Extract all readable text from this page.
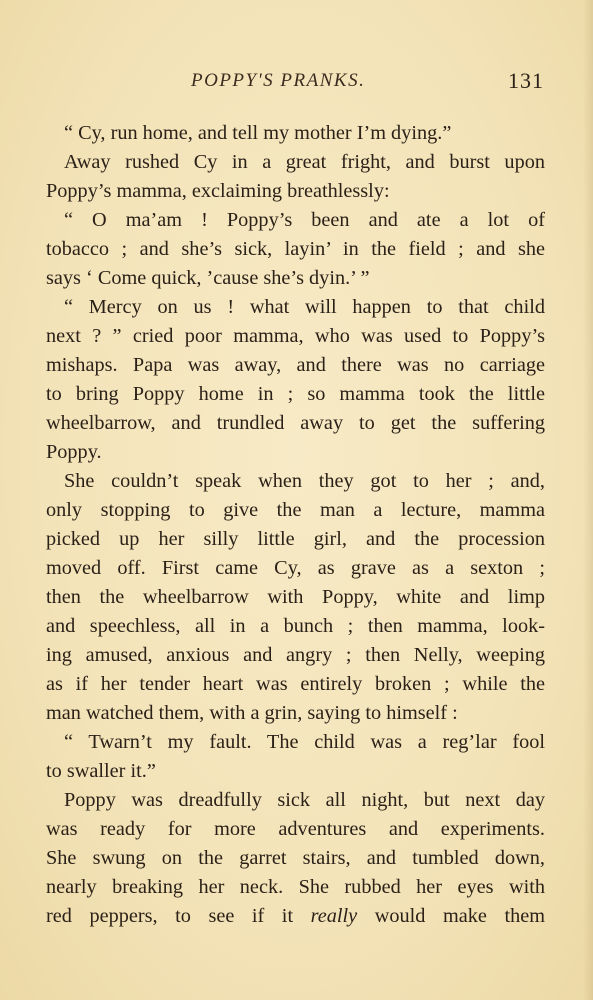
POPPY'S PRANKS.	131
“ Cy, run home, and tell my mother I’m dying.”
Away rushed Cy in a great fright, and burst upon
Poppy’s mamma, exclaiming breathlessly:
“ O ma’am ! Poppy’s been and ate a lot of
tobacco ; and she’s sick, layin’ in the field ; and she
says ‘ Come quick, ’cause she’s dyin.’ ”
“ Mercy on us ! what will happen to that child
next ? ” cried poor mamma, who was used to Poppy’s
mishaps. Papa was away, and there was no carriage
to bring Poppy home in ; so mamma took the little
wheelbarrow, and trundled away to get the suffering
Poppy.
She couldn’t speak when they got to her ; and,
only stopping to give the man a lecture, mamma
picked up her silly little girl, and the procession
moved off. First came Cy, as grave as a sexton ;
then the wheelbarrow with Poppy, white and limp
and speechless, all in a bunch ; then mamma, look-
ing amused, anxious and angry ; then Nelly, weeping
as if her tender heart was entirely broken ; while the
man watched them, with a grin, saying to himself :
“ Twarn’t my fault. The child was a reg’lar fool
to swaller it.”
Poppy was dreadfully sick all night, but next day
was ready for more adventures and experiments.
She swung on the garret stairs, and tumbled down,
nearly breaking her neck. She rubbed her eyes with
red peppers, to see if it really would make them
